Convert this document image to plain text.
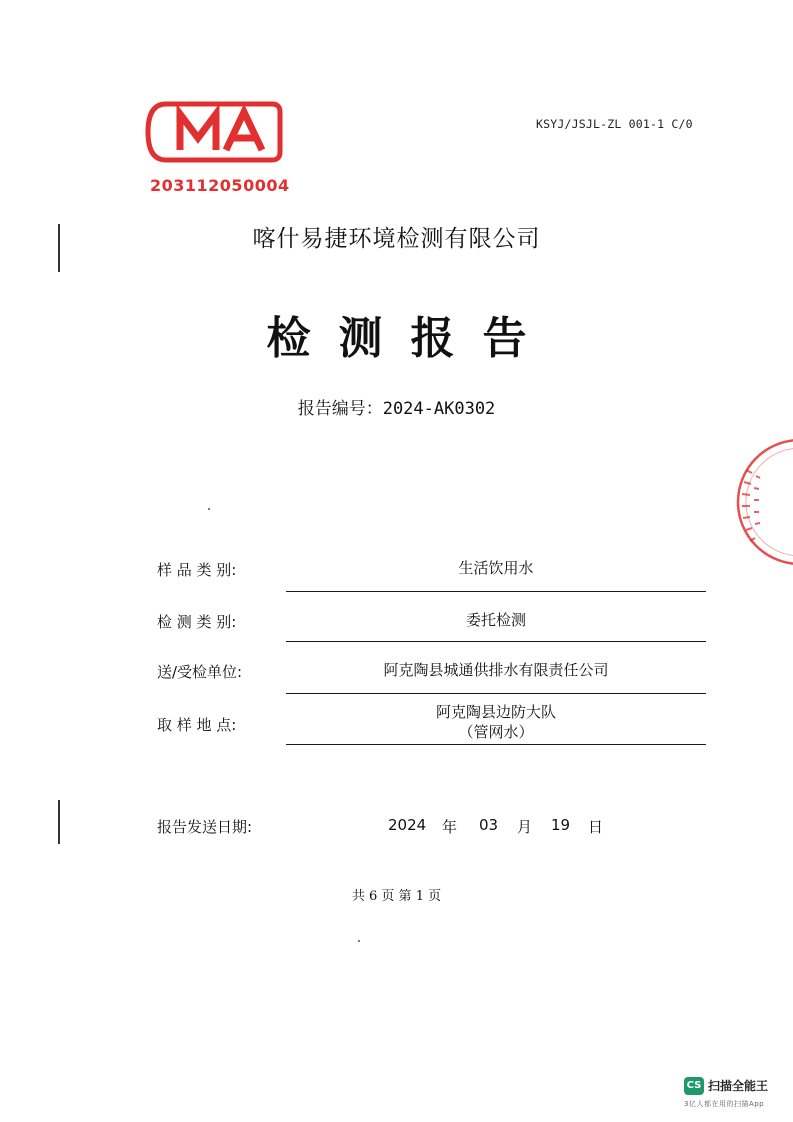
203112050004
KSYJ/JSJL-ZL 001-1 C/0
喀什易捷环境检测有限公司
检测报告
报告编号：2024-AK0302
样 品 类 别:	生活饮用水
检 测 类 别:	委托检测
送/受检单位:	阿克陶县城通供排水有限责任公司
取 样 地 点:
阿克陶县边防大队
（管网水）
报告发送日期:	2024 年 03 月 19 日
共 6 页 第 1 页
CS 扫描全能王
3亿人都在用的扫描App
